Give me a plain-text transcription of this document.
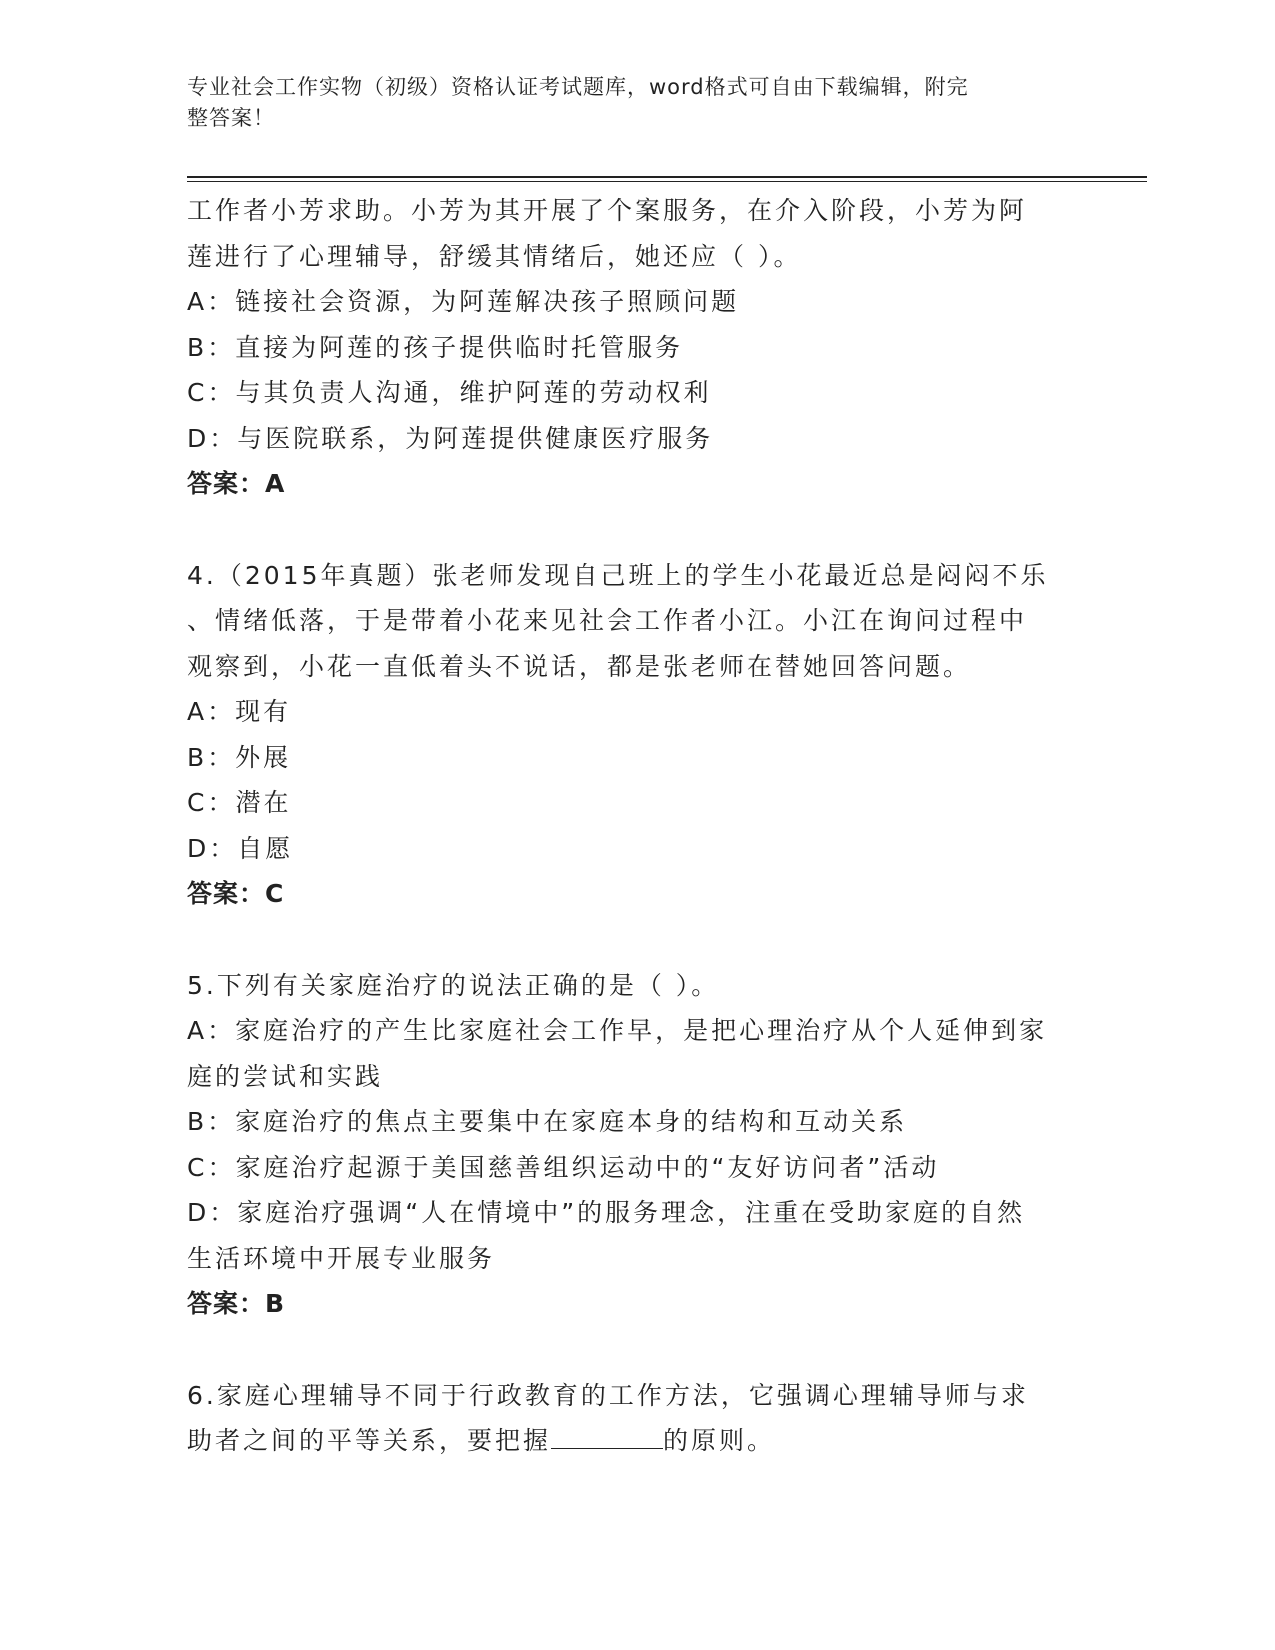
专业社会工作实物（初级）资格认证考试题库，word格式可自由下载编辑，附完
整答案！
工作者小芳求助。小芳为其开展了个案服务，在介入阶段，小芳为阿
莲进行了心理辅导，舒缓其情绪后，她还应（ ）。
A：链接社会资源，为阿莲解决孩子照顾问题
B：直接为阿莲的孩子提供临时托管服务
C：与其负责人沟通，维护阿莲的劳动权利
D：与医院联系，为阿莲提供健康医疗服务
答案：A
4.（2015年真题）张老师发现自己班上的学生小花最近总是闷闷不乐
、情绪低落，于是带着小花来见社会工作者小江。小江在询问过程中
观察到，小花一直低着头不说话，都是张老师在替她回答问题。
A：现有
B：外展
C：潜在
D：自愿
答案：C
5.下列有关家庭治疗的说法正确的是（ ）。
A：家庭治疗的产生比家庭社会工作早，是把心理治疗从个人延伸到家
庭的尝试和实践
B：家庭治疗的焦点主要集中在家庭本身的结构和互动关系
C：家庭治疗起源于美国慈善组织运动中的“友好访问者”活动
D：家庭治疗强调“人在情境中”的服务理念，注重在受助家庭的自然
生活环境中开展专业服务
答案：B
6.家庭心理辅导不同于行政教育的工作方法，它强调心理辅导师与求
助者之间的平等关系，要把握	的原则。
